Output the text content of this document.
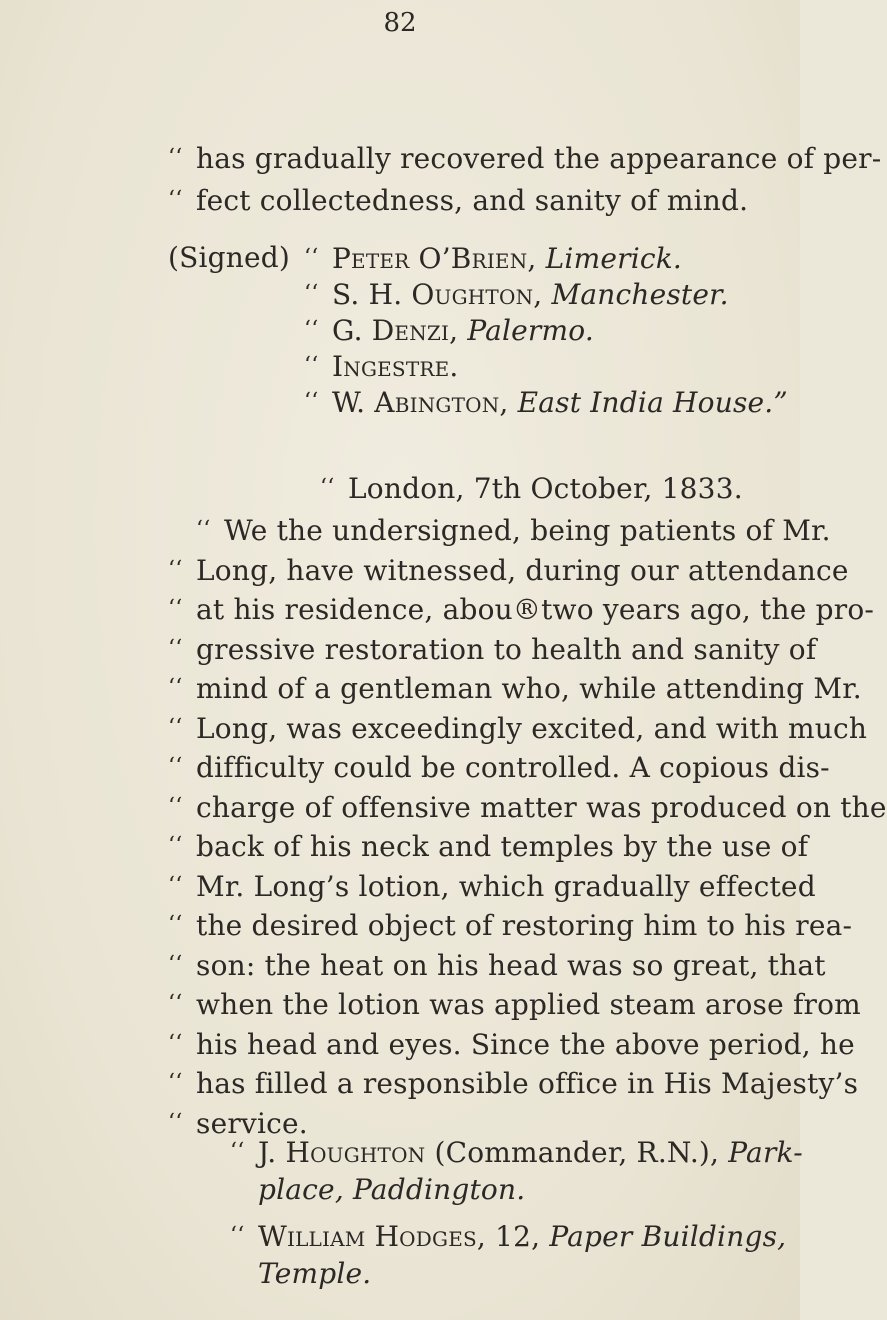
82
‘‘ has gradually recovered the appearance of per-
‘‘ fect collectedness, and sanity of mind.
(Signed) ‘‘ Peter O’Brien, Limerick.
‘‘ S. H. Oughton, Manchester.
‘‘ G. Denzi, Palermo.
‘‘ Ingestre.
‘‘ W. Abington, East India House.”
‘‘ London, 7th October, 1833.
‘‘ We the undersigned, being patients of Mr.
‘‘ Long, have witnessed, during our attendance
‘‘ at his residence, abou®two years ago, the pro-
‘‘ gressive restoration to health and sanity of
‘‘ mind of a gentleman who, while attending Mr.
‘‘ Long, was exceedingly excited, and with much
‘‘ difficulty could be controlled. A copious dis-
‘‘ charge of offensive matter was produced on the
‘‘ back of his neck and temples by the use of
‘‘ Mr. Long’s lotion, which gradually effected
‘‘ the desired object of restoring him to his rea-
‘‘ son: the heat on his head was so great, that
‘‘ when the lotion was applied steam arose from
‘‘ his head and eyes. Since the above period, he
‘‘ has filled a responsible office in His Majesty’s
‘‘ service.
‘‘ J. Houghton (Commander, R.N.), Park-
place, Paddington.
‘‘ William Hodges, 12, Paper Buildings,
Temple.
